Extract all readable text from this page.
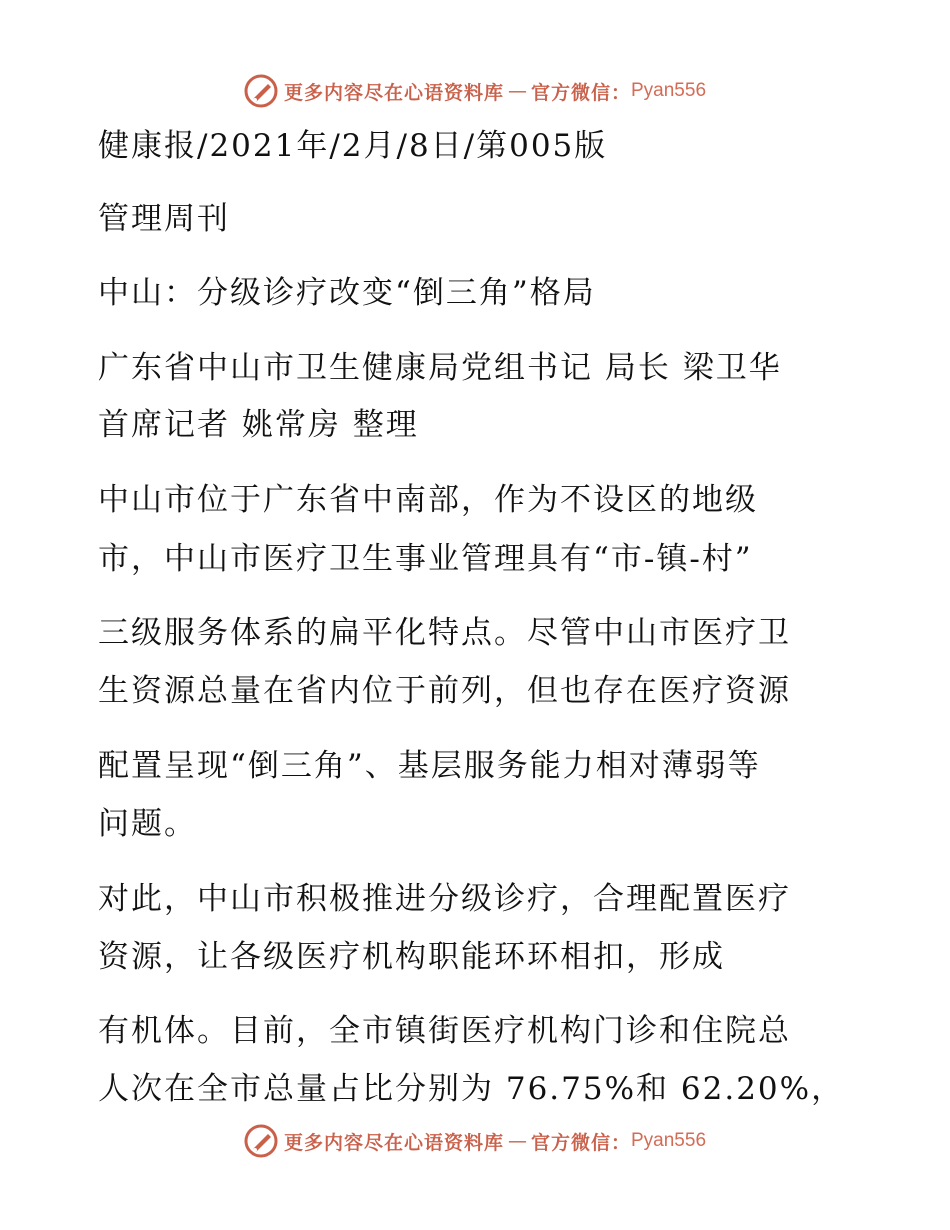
更多内容尽在心语资料库 — 官方微信： Pyan556
健康报/2021年/2月/8日/第005版
管理周刊
中山：分级诊疗改变“倒三角”格局
广东省中山市卫生健康局党组书记 局长 梁卫华
首席记者 姚常房 整理
中山市位于广东省中南部，作为不设区的地级
市，中山市医疗卫生事业管理具有“市-镇-村”
三级服务体系的扁平化特点。尽管中山市医疗卫
生资源总量在省内位于前列，但也存在医疗资源
配置呈现“倒三角”、基层服务能力相对薄弱等
问题。
对此，中山市积极推进分级诊疗，合理配置医疗
资源，让各级医疗机构职能环环相扣，形成
有机体。目前，全市镇街医疗机构门诊和住院总
人次在全市总量占比分别为 76.75%和 62.20%，
更多内容尽在心语资料库 — 官方微信： Pyan556
